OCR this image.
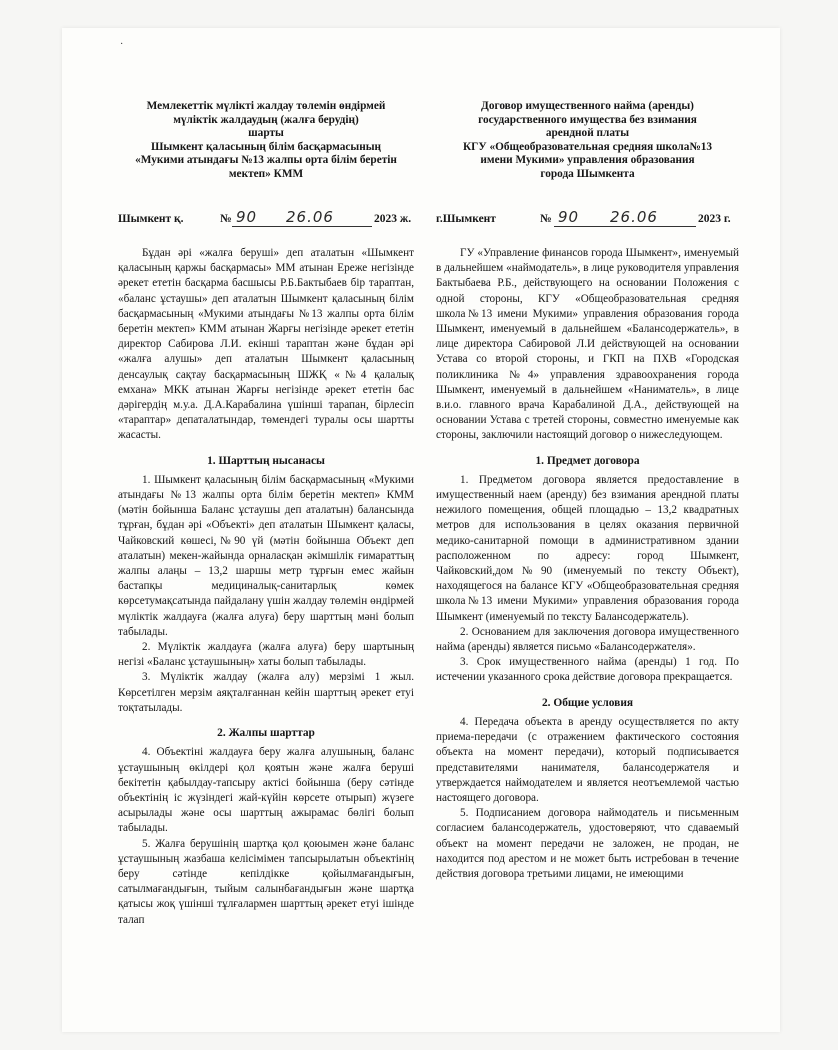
·
Мемлекеттік мүлікті жалдау төлемін өндірмей
мүліктік жалдаудың (жалға берудің)
шарты
Шымкент қаласының білім басқармасының
«Мукими атындағы №13 жалпы орта білім беретін
мектеп» КММ
Шымкент қ.	№ 90 26.06	2023 ж.

Бұдан әрі «жалға беруші» деп аталатын «Шымкент қаласының қаржы басқармасы» ММ атынан Ереже негізінде әрекет ететін басқарма басшысы Р.Б.Бактыбаев бір тараптан, «баланс ұстаушы» деп аталатын Шымкент қаласының білім басқармасының «Мукими атындағы №13 жалпы орта білім беретін мектеп» КММ атынан Жарғы негізінде әрекет ететін директор Сабирова Л.И. екінші тараптан және бұдан әрі «жалға алушы» деп аталатын Шымкент қаласының денсаулық сақтау басқармасының ШЖҚ «№4 қалалық емхана» МКК атынан Жарғы негізінде әрекет ететін бас дәрігердің м.у.а. Д.А.Карабалина үшінші тарапан, бірлесіп «тараптар» депаталатындар, төмендегі туралы осы шартты жасасты.

1. Шарттың нысанасы

1. Шымкент қаласының білім басқармасының «Мукими атындағы №13 жалпы орта білім беретін мектеп» КММ (мәтін бойынша Баланс ұстаушы деп аталатын) балансында тұрған, бұдан әрі «Объекті» деп аталатын Шымкент қаласы, Чайковский көшесі,№90 үй (мәтін бойынша Объект деп аталатын) мекен-жайында орналасқан әкімшілік ғимараттың жалпы алаңы – 13,2 шаршы метр тұрғын емес жайын бастапқы медициналық-санитарлық көмек көрсетумақсатында пайдалану үшін жалдау төлемін өндірмей мүліктік жалдауға (жалға алуға) беру шарттың мәні болып табылады.

2. Мүліктік жалдауға (жалға алуға) беру шартының негізі «Баланс ұстаушының» хаты болып табылады.

3. Мүліктік жалдау (жалға алу) мерзімі 1 жыл. Көрсетілген мерзім аяқталғаннан кейін шарттың әрекет етуі тоқтатылады.

2. Жалпы шарттар

4. Объектіні жалдауға беру жалға алушының, баланс ұстаушының өкілдері қол қоятын және жалға беруші бекітетін қабылдау-тапсыру актісі бойынша (беру сәтінде объектінің іс жүзіндегі жай-күйін көрсете отырып) жүзеге асырылады және осы шарттың ажырамас бөлігі болып табылады.

5. Жалға берушінің шартқа қол қоюымен және баланс ұстаушының жазбаша келісімімен тапсырылатын объектінің беру сәтінде кепілдікке қойылмағандығын, сатылмағандығын, тыйым салынбағандығын және шартқа қатысы жоқ үшінші тұлғалармен шарттың әрекет етуі ішінде талап

Договор имущественного найма (аренды)
государственного имущества без взимания
арендной платы
КГУ «Общеобразовательная средняя школа№13
имени Мукими» управления образования
города Шымкента
г.Шымкент	№ 90 26.06	2023 г.

ГУ «Управление финансов города Шымкент», именуемый в дальнейшем «наймодатель», в лице руководителя управления Бактыбаева Р.Б., действующего на основании Положения с одной стороны, КГУ «Общеобразовательная средняя школа№13 имени Мукими» управления образования города Шымкент, именуемый в дальнейшем «Балансодержатель», в лице директора Сабировой Л.И действующей на основании Устава со второй стороны, и ГКП на ПХВ «Городская поликлиника №4» управления здравоохранения города Шымкент, именуемый в дальнейшем «Наниматель», в лице в.и.о. главного врача Карабалиной Д.А., действующей на основании Устава с третей стороны, совместно именуемые как стороны, заключили настоящий договор о нижеследующем.

1. Предмет договора

1. Предметом договора является предоставление в имущественный наем (аренду) без взимания арендной платы нежилого помещения, общей площадью – 13,2 квадратных метров для использования в целях оказания первичной медико-санитарной помощи в административном здании расположенном по адресу: город Шымкент, Чайковский,дом№90 (именуемый по тексту Объект), находящегося на балансе КГУ «Общеобразовательная средняя школа№13 имени Мукими» управления образования города Шымкент (именуемый по тексту Балансодержатель).

2. Основанием для заключения договора имущественного найма (аренды) является письмо «Балансодержателя».

3. Срок имущественного найма (аренды) 1 год. По истечении указанного срока действие договора прекращается.

2. Общие условия

4. Передача объекта в аренду осуществляется по акту приема-передачи (с отражением фактического состояния объекта на момент передачи), который подписывается представителями нанимателя, балансодержателя и утверждается наймодателем и является неотъемлемой частью настоящего договора.

5. Подписанием договора наймодатель и письменным согласием балансодержатель, удостоверяют, что сдаваемый объект на момент передачи не заложен, не продан, не находится под арестом и не может быть истребован в течение действия договора третьими лицами, не имеющими
